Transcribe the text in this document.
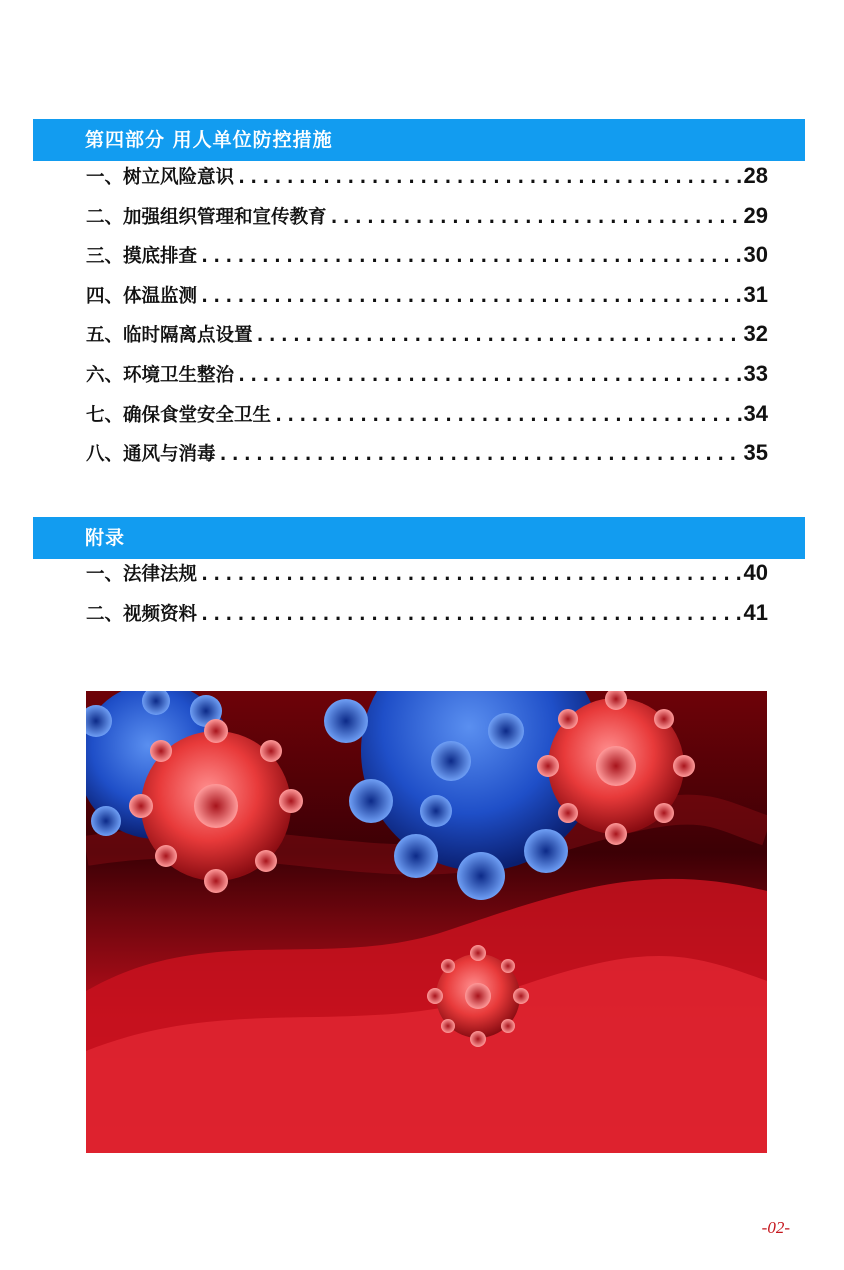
第四部分 用人单位防控措施
一、树立风险意识 .....	28
二、加强组织管理和宣传教育 .....	29
三、摸底排查 .....	30
四、体温监测 .....	31
五、临时隔离点设置 .....	32
六、环境卫生整治 .....	33
七、确保食堂安全卫生 .....	34
八、通风与消毒 .....	35
附录
一、法律法规 .....	40
二、视频资料 .....	41
-02-
